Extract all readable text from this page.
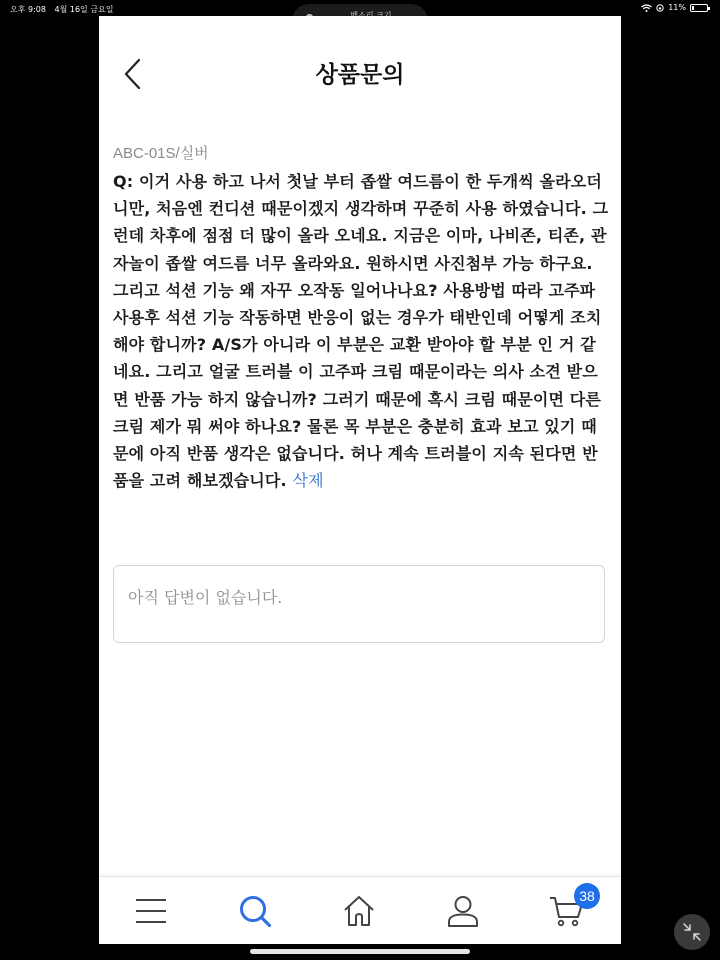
오후 9:08 4월 16일 금요일	11%
상품문의
ABC-01S/실버
Q: 이거 사용 하고 나서 첫날 부터 좁쌀 여드름이 한 두개씩 올라오더니만, 처음엔 컨디션 때문이겠지 생각하며 꾸준히 사용 하였습니다. 그런데 차후에 점점 더 많이 올라 오네요. 지금은 이마, 나비존, 티존, 관자놀이 좁쌀 여드름 너무 올라와요. 원하시면 사진첨부 가능 하구요. 그리고 석션 기능 왜 자꾸 오작동 일어나나요? 사용방법 따라 고주파 사용후 석션 기능 작동하면 반응이 없는 경우가 태반인데 어떻게 조치 해야 합니까? A/S가 아니라 이 부분은 교환 받아야 할 부분 인 거 같네요. 그리고 얼굴 트러블 이 고주파 크림 때문이라는 의사 소견 받으면 반품 가능 하지 않습니까? 그러기 때문에 혹시 크림 때문이면 다른 크림 제가 뭐 써야 하나요? 물론 목 부분은 충분히 효과 보고 있기 때문에 아직 반품 생각은 없습니다. 허나 계속 트러블이 지속 된다면 반품을 고려 해보겠습니다. 삭제
아직 답변이 없습니다.
38
